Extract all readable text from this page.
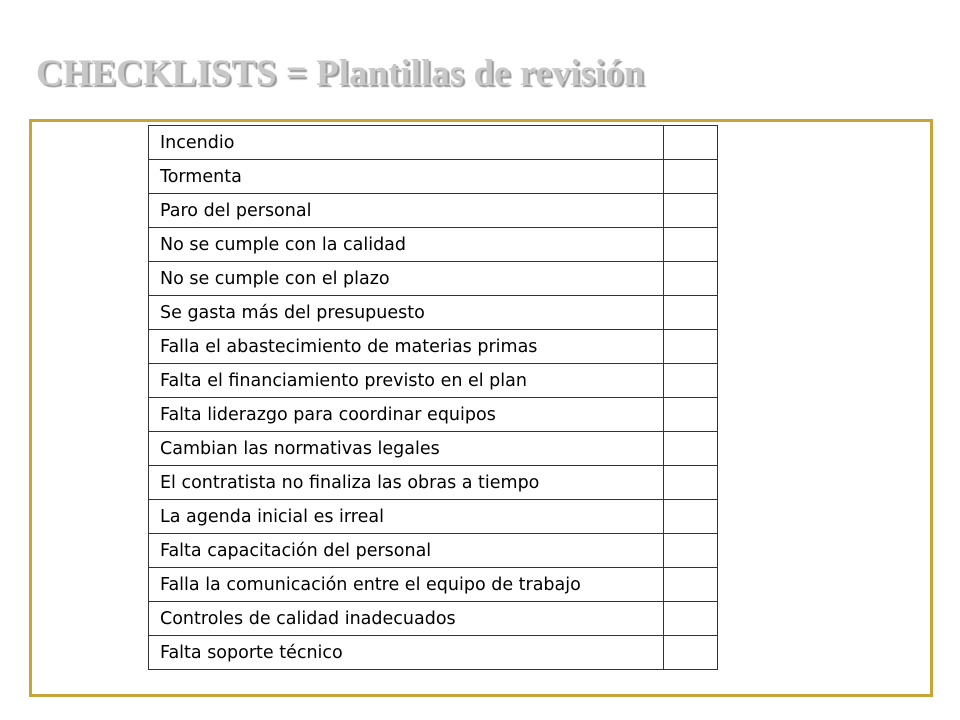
CHECKLISTS = Plantillas de revisión
Incendio	
Tormenta	
Paro del personal	
No se cumple con la calidad	
No se cumple con el plazo	
Se gasta más del presupuesto	
Falla el abastecimiento de materias primas	
Falta el financiamiento previsto en el plan	
Falta liderazgo para coordinar equipos	
Cambian las normativas legales	
El contratista no finaliza las obras a tiempo	
La agenda inicial es irreal	
Falta capacitación del personal	
Falla la comunicación entre el equipo de trabajo	
Controles de calidad inadecuados	
Falta soporte técnico	
